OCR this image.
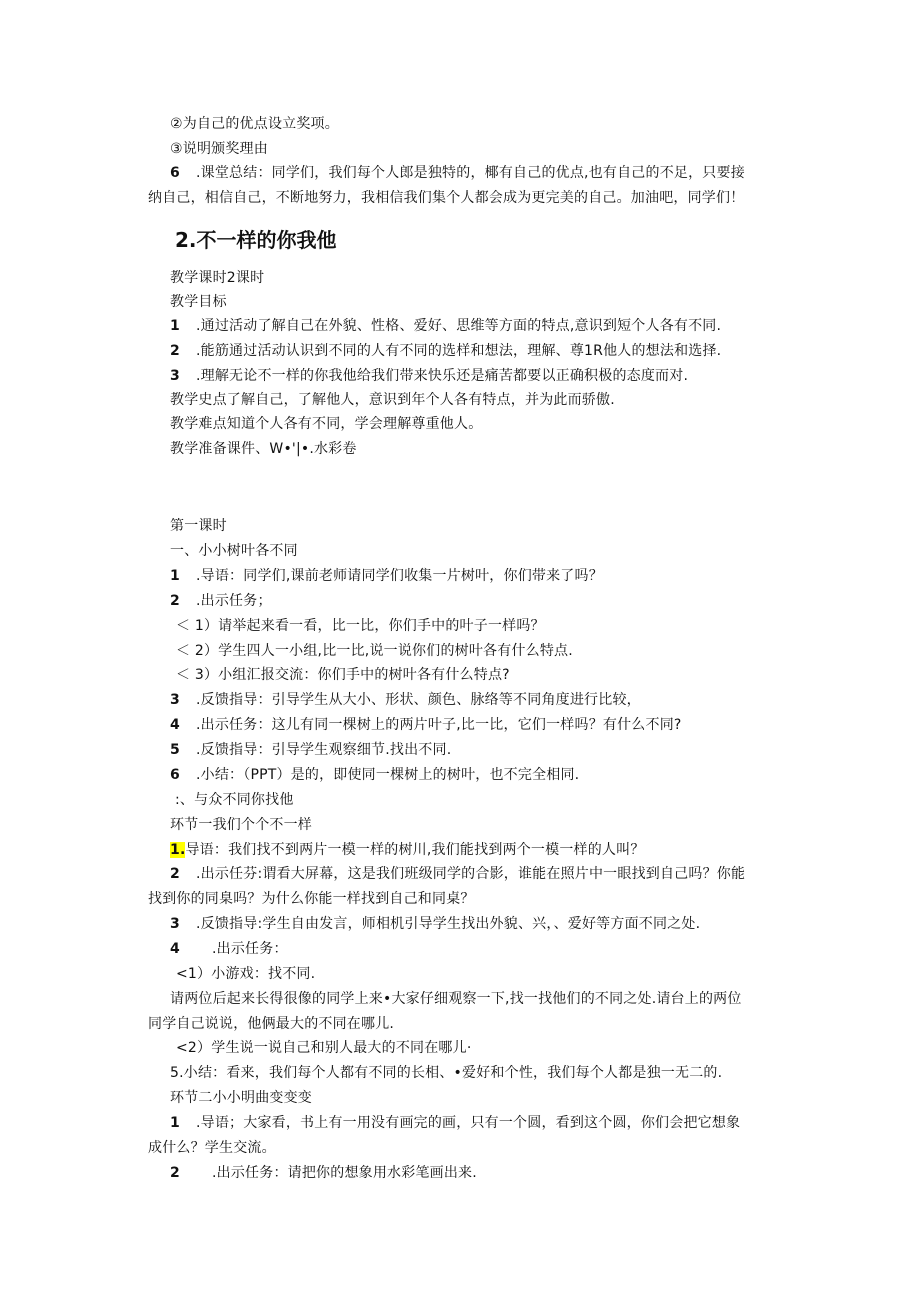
②为自己的优点设立奖项。
③说明颁奖理由
6 .课堂总结：同学们，我们每个人郎是独特的，椰有自己的优点,也有自己的不足，只要接
纳自己，相信自己，不断地努力，我相信我们集个人都会成为更完美的自己。加油吧，同学们！
2.不一样的你我他
教学课时2课时
教学目标
1 .通过活动了解自己在外貌、性格、爱好、思维等方面的特点,意识到短个人各有不同.
2 .能筋通过活动认识到不同的人有不同的选样和想法，理解、尊1R他人的想法和选择.
3 .理解无论不一样的你我他给我们带来快乐还是痛苦都要以正确积极的态度而对.
教学史点了解自己，了解他人，意识到年个人各有特点，并为此而骄傲.
教学难点知道个人各有不同，学会理解尊重他人。
教学准备课件、W•'|•.水彩卷
第一课时
一、小小树叶各不同
1 .导语：同学们,课前老师请同学们收集一片树叶，你们带来了吗？
2 .出示任务；
＜ 1）请举起来看一看，比一比，你们手中的叶子一样吗？
＜ 2）学生四人一小组,比一比,说一说你们的树叶各有什么特点.
＜ 3）小组汇报交流：你们手中的树叶各有什么特点?
3 .反馈指导：引导学生从大小、形状、颜色、脉络等不同角度进行比较，
4 .出示任务：这儿有同一棵树上的两片叶子,比一比，它们一样吗？有什么不同?
5 .反馈指导：引导学生观察细节.找出不同.
6 .小结：（PPT）是的，即使同一棵树上的树叶，也不完全相同.
:、与众不同你找他
环节一我们个个不一样
1.导语：我们找不到两片一模一样的树川,我们能找到两个一模一样的人叫？
2 .出示任芬:谓看大屏幕，这是我们班级同学的合影，谁能在照片中一眼找到自己吗？你能
找到你的同臬吗？为什么你能一样找到自己和同桌？
3 .反馈指导:学生自由发言，师相机引导学生找出外貌、兴，、爱好等方面不同之处.
4 .出示任务：
<1）小游戏：找不同.
请两位后起来长得很像的同学上来•大家仔细观察一下,找一找他们的不同之处.请台上的两位
同学自己说说，他俩最大的不同在哪儿.
<2）学生说一说自己和别人最大的不同在哪儿·
5.小结：看来，我们每个人都有不同的长相、•爱好和个性，我们每个人都是独一无二的.
环节二小小明曲变变变
1 .导语；大家看，书上有一用没有画完的画，只有一个圆，看到这个圆，你们会把它想象
成什么？学生交流。
2 .出示任务：请把你的想象用水彩笔画出来.
